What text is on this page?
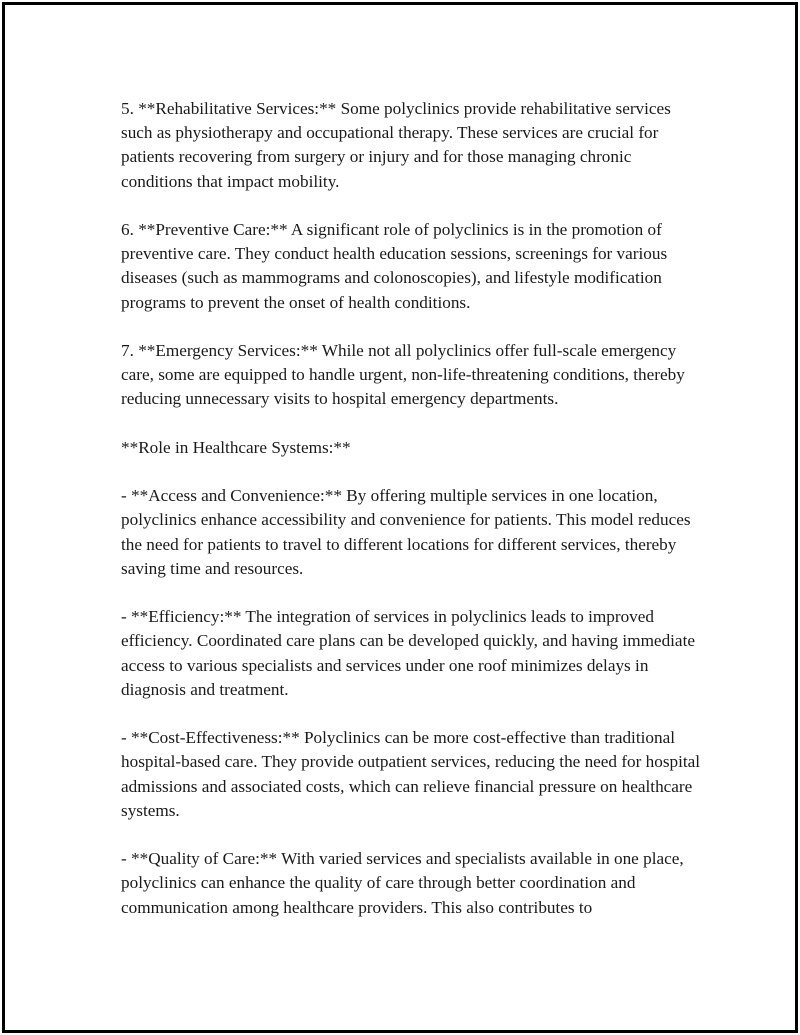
5. **Rehabilitative Services:** Some polyclinics provide rehabilitative services such as physiotherapy and occupational therapy. These services are crucial for patients recovering from surgery or injury and for those managing chronic conditions that impact mobility.

6. **Preventive Care:** A significant role of polyclinics is in the promotion of preventive care. They conduct health education sessions, screenings for various diseases (such as mammograms and colonoscopies), and lifestyle modification programs to prevent the onset of health conditions.

7. **Emergency Services:** While not all polyclinics offer full-scale emergency care, some are equipped to handle urgent, non-life-threatening conditions, thereby reducing unnecessary visits to hospital emergency departments.

**Role in Healthcare Systems:**

- **Access and Convenience:** By offering multiple services in one location, polyclinics enhance accessibility and convenience for patients. This model reduces the need for patients to travel to different locations for different services, thereby saving time and resources.

- **Efficiency:** The integration of services in polyclinics leads to improved efficiency. Coordinated care plans can be developed quickly, and having immediate access to various specialists and services under one roof minimizes delays in diagnosis and treatment.

- **Cost-Effectiveness:** Polyclinics can be more cost-effective than traditional hospital-based care. They provide outpatient services, reducing the need for hospital admissions and associated costs, which can relieve financial pressure on healthcare systems.

- **Quality of Care:** With varied services and specialists available in one place, polyclinics can enhance the quality of care through better coordination and communication among healthcare providers. This also contributes to
